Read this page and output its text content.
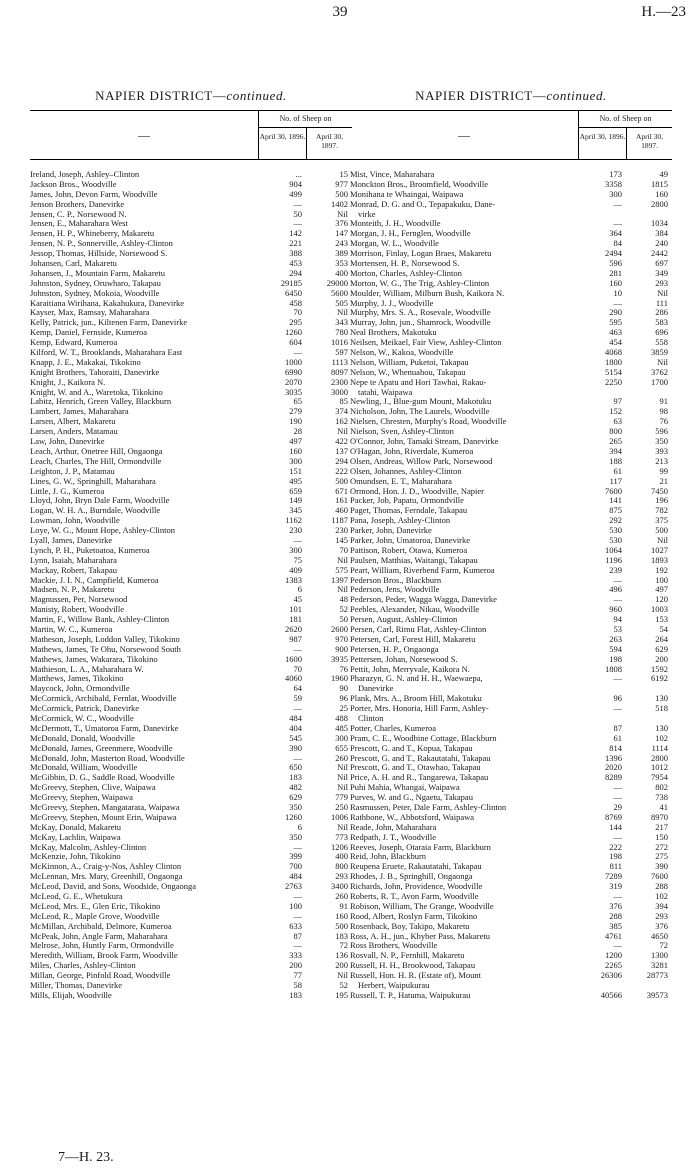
39	H.—23
NAPIER DISTRICT—continued.
—
No. of Sheep on
April 30, 1896.	April 30, 1897.
Ireland, Joseph, Ashley–Clinton	...	15
Jackson Bros., Woodville	904	977
James, John, Devon Farm, Woodville	499	500
Jenson Brothers, Danevirke	—	1402
Jensen, C. P., Norsewood N.	50	Nil
Jensen, E., Maharahara West	—	376
Jensen, H. P., Whineberry, Makaretu	142	147
Jensen, N. P., Sonnerville, Ashley-Clinton	221	243
Jessop, Thomas, Hillside, Norsewood S.	388	389
Johansen, Carl, Makaretu	453	353
Johansen, J., Mountain Farm, Makaretu	294	400
Johnston, Sydney, Oruwharo, Takapau	29185	29000
Johnston, Sydney, Mokoia, Woodville	6450	5600
Karaitiana Wirihana, Kakahukura, Danevirke	458	505
Kayser, Max, Ramsay, Maharahara	70	Nil
Kelly, Patrick, jun., Kiltenen Farm, Danevirke	295	343
Kemp, Daniel, Fernside, Kumeroa	1260	780
Kemp, Edward, Kumeroa	604	1016
Kilford, W. T., Brooklands, Maharahara East	—	597
Knapp, J. E., Makakai, Tikokino	1000	1113
Knight Brothers, Tahoraiti, Danevirke	6990	8097
Knight, J., Kaikora N.	2070	2300
Knight, W. and A., Waretoka, Tikokino	3035	3000
Labitz, Henrich, Green Valley, Blackburn	65	85
Lambert, James, Maharahara	279	374
Larsen, Albert, Makaretu	190	162
Larsen, Anders, Matamau	28	Nil
Law, John, Danevirke	497	422
Leach, Arthur, Onetree Hill, Ongaonga	160	137
Leach, Charles, The Hill, Ormondville	300	294
Leighton, J. P., Matamau	151	222
Lines, G. W., Springhill, Maharahara	495	500
Little, J. G., Kumeroa	659	671
Lloyd, John, Bryn Dale Farm, Woodville	149	161
Logan, W. H. A., Burndale, Woodville	345	460
Lowman, John, Woodville	1162	1187
Loye, W. G., Mount Hope, Ashley-Clinton	230	230
Lyall, James, Danevirke	—	145
Lynch, P. H., Puketoatoa, Kumeroa	300	70
Lynn, Isaiah, Maharahara	75	Nil
Mackay, Robert, Takapau	409	575
Mackie, J. I. N., Campfield, Kumeroa	1383	1397
Madsen, N. P., Makaretu	6	Nil
Magnussen, Per, Norsewood	45	48
Manisty, Robert, Woodville	101	52
Martin, F., Willow Bank, Ashley-Clinton	181	50
Martin, W. C., Kumeroa	2620	2600
Matheson, Joseph, Loddon Valley, Tikokino	987	970
Mathews, James, Te Ohu, Norsewood South	—	900
Mathews, James, Wakarara, Tikokino	1600	3935
Mathieson, L. A., Maharahara W.	70	76
Matthews, James, Tikokino	4060	1960
Maycock, John, Ormondville	64	90
McCormick, Archibald, Fernlat, Woodville	59	96
McCormick, Patrick, Danevirke	—	25
McCormick, W. C., Woodville	484	488
McDermott, T., Umatoroa Farm, Danevirke	404	485
McDonald, Donald, Woodville	545	300
McDonald, James, Greenmere, Woodville	390	655
McDonald, John, Masterton Road, Woodville	—	260
McDonald, William, Woodville	650	Nil
McGibbin, D. G., Saddle Road, Woodville	183	Nil
McGreevy, Stephen, Clive, Waipawa	482	Nil
McGreevy, Stephen, Waipawa	629	779
McGreevy, Stephen, Mangatarata, Waipawa	350	250
McGreevy, Stephen, Mount Erin, Waipawa	1260	1006
McKay, Donald, Makaretu	6	Nil
McKay, Lachlin, Waipawa	350	773
McKay, Malcolm, Ashley-Clinton	—	1206
McKenzie, John, Tikokino	399	400
McKinnon, A., Craig-y-Nos, Ashley Clinton	700	800
McLennan, Mrs. Mary, Greenhill, Ongaonga	484	293
McLeod, David, and Sons, Woodside, Ongaonga	2763	3400
McLeod, G. E., Whetukura	—	260
McLeod, Mrs. E., Glen Eric, Tikokino	100	91
McLeod, R., Maple Grove, Woodville	—	160
McMillan, Archibald, Delmore, Kumeroa	633	500
McPeak, John, Angle Farm, Maharahara	87	183
Melrose, John, Huntly Farm, Ormondville	—	72
Meredith, William, Brook Farm, Woodville	333	136
Miles, Charles, Ashley-Clinton	200	200
Millan, George, Pinfold Road, Woodville	77	Nil
Miller, Thomas, Danevirke	58	52
Mills, Elijah, Woodville	183	195
NAPIER DISTRICT—continued.
—
No. of Sheep on
April 30, 1896.	April 30, 1897.
Mist, Vince, Maharahara	173	49
Monckton Bros., Broomfield, Woodville	3358	1815
Monihana te Whaingai, Waipawa	300	160
Monrad, D. G. and O., Tepapakuku, Dane-	—	2800
virke
Monteith, J. H., Woodville	—	1034
Morgan, J. H., Fernglen, Woodville	364	384
Morgan, W. L., Woodville	84	240
Morrison, Finlay, Logan Braes, Makaretu	2494	2442
Mortensen, H. P., Norsewood S.	596	697
Morton, Charles, Ashley-Clinton	281	349
Morton, W. G., The Trig, Ashley-Clinton	160	293
Moulder, William, Milburn Bush, Kaikora N.	10	Nil
Murphy, J. J., Woodville	—	111
Murphy, Mrs. S. A., Rosevale, Woodville	290	286
Murray, John, jun., Shamrock, Woodville	595	583
Neal Brothers, Makotuku	463	696
Neilsen, Meikael, Fair View, Ashley-Clinton	454	558
Nelson, W., Kakoa, Woodville	4068	3859
Nelson, William, Puketoi, Takapau	1800	Nil
Nelson, W., Whenuahou, Takapau	5154	3762
Nepe te Apatu and Hori Tawhai, Rakau-	2250	1700
tatahi, Waipawa
Newling, J., Blue-gum Mount, Makotuku	97	91
Nicholson, John, The Laurels, Woodville	152	98
Nielsen, Chresten, Murphy's Road, Woodville	63	76
Nielson, Sven, Ashley-Clinton	800	596
O'Connor, John, Tamaki Stream, Danevirke	265	350
O'Hagan, John, Riverdale, Kumeroa	394	393
Olsen, Andreas, Willow Park, Norsewood	188	213
Olsen, Johannes, Ashley-Clinton	61	99
Omundsen, E. T., Maharahara	117	21
Ormond, Hon. J. D., Woodville, Napier	7600	7450
Packer, Job, Papatu, Ormondville	141	196
Paget, Thomas, Ferndale, Takapau	875	782
Pana, Joseph, Ashley-Clinton	292	375
Parker, John, Danevirke	530	500
Parker, John, Umatoroa, Danevirke	530	Nil
Pattison, Robert, Otawa, Kumeroa	1064	1027
Paulsen, Matthias, Waitangi, Takapau	1196	1893
Peart, William, Riverbend Farm, Kumeroa	239	192
Pederson Bros., Blackburn	—	100
Pederson, Jens, Woodville	496	497
Pederson, Peder, Wagga Wagga, Danevirke	—	120
Peebles, Alexander, Nikau, Woodville	960	1003
Persen, August, Ashley-Clinton	94	153
Persen, Carl, Rimu Flat, Ashley-Clinton	53	54
Petersen, Carl, Forest Hill, Makaretu	263	264
Petersen, H. P., Ongaonga	594	629
Pettersen, Johan, Norsewood S.	198	200
Pettit, John, Merryvale, Kaikora N.	1808	1592
Pharazyn, G. N. and H. H., Waewaepa,	—	6192
Danevirke
Plank, Mrs. A., Broom Hill, Makotuku	96	130
Porter, Mrs. Honoria, Hill Farm, Ashley-	—	518
Clinton
Potter, Charles, Kumeroa	87	130
Pram, C. E., Woodbine Cottage, Blackburn	61	102
Prescott, G. and T., Kopua, Takapau	814	1114
Prescott, G. and T., Rakautatahi, Takapau	1396	2800
Prescott, G. and T., Otawhao, Takapau	2020	1012
Price, A. H. and R., Tangarewa, Takapau	8289	7954
Puhi Mahia, Whangai, Waipawa	—	802
Purves, W. and G., Ngaetu, Takapau	—	738
Rasmussen, Peter, Dale Farm, Ashley-Clinton	29	41
Rathbone, W., Abbotsford, Waipawa	8769	8970
Reade, John, Maharahara	144	217
Redpath, J. T., Woodville	—	150
Reeves, Joseph, Otaraia Farm, Blackburn	222	272
Reid, John, Blackburn	198	275
Reupena Eruete, Rakautatahi, Takapau	811	390
Rhodes, J. B., Springhill, Ongaonga	7289	7600
Richards, John, Providence, Woodville	319	288
Roberts, R. T., Avon Farm, Woodville	—	102
Robison, William, The Grange, Woodville	376	394
Rood, Albert, Roslyn Farm, Tikokino	288	293
Rosenback, Boy, Takipo, Makaretu	385	376
Ross, A. H., jun., Khyber Pass, Makaretu	4761	4650
Ross Brothers, Woodville	—	72
Rosvall, N. P., Fernhill, Makaretu	1200	1300
Russell, H. H., Brookwood, Takapau	2265	3281
Russell, Hon. H. R. (Estate of), Mount	26306	28773
Herbert, Waipukurau
Russell, T. P., Hatuma, Waipukurau	40566	39573
7—H. 23.
